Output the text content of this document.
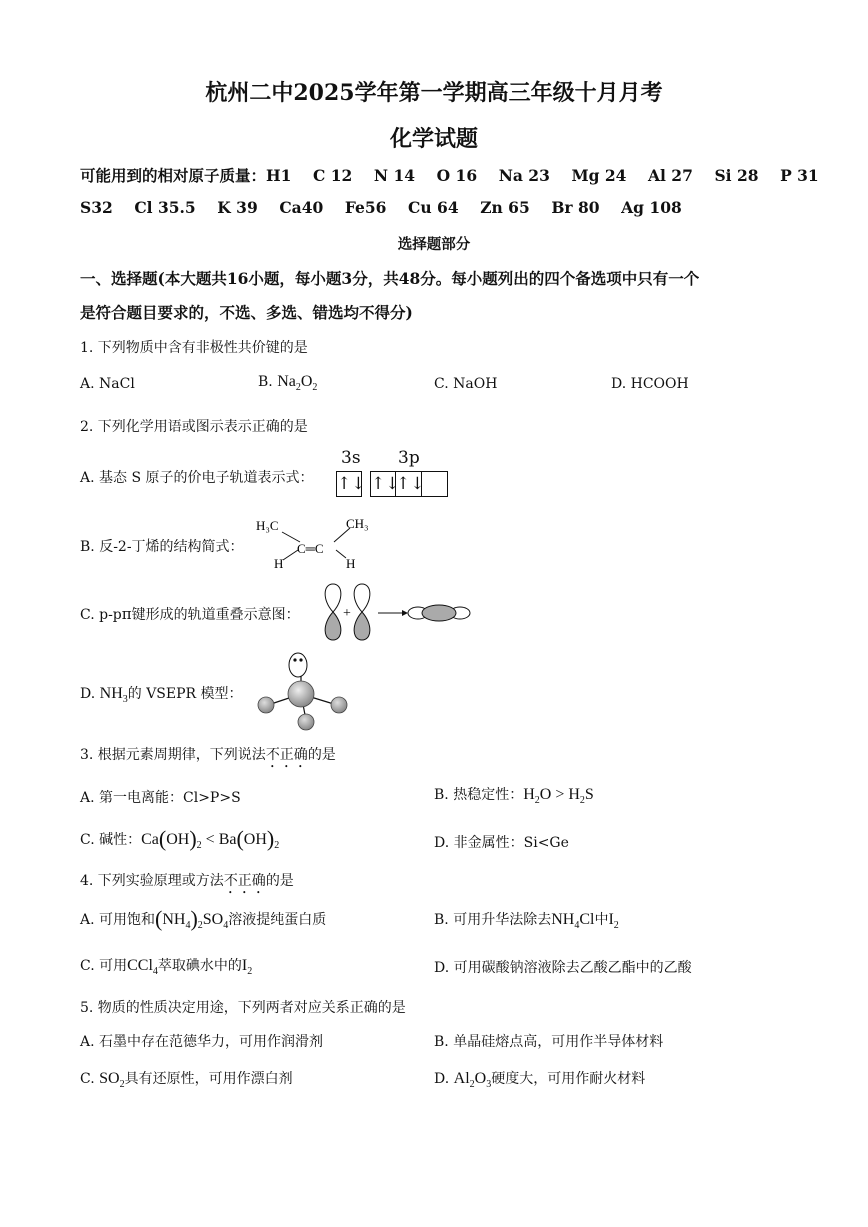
杭州二中2025学年第一学期高三年级十月月考
化学试题
可能用到的相对原子质量：H1    C 12    N 14    O 16    Na 23    Mg 24    Al 27    Si 28    P 31
S32    Cl 35.5    K 39    Ca40    Fe56    Cu 64    Zn 65    Br 80    Ag 108
选择题部分
一、选择题(本大题共16小题，每小题3分，共48分。每小题列出的四个备选项中只有一个
是符合题目要求的，不选、多选、错选均不得分)
1. 下列物质中含有非极性共价键的是
A. NaCl	B. $Na_2O_2$	C. NaOH	D. HCOOH
2. 下列化学用语或图示表示正确的是
A. 基态 S 原子的价电子轨道表示式：
3s 3p
↑↓ ↑↓
↑↓
B. 反-2-丁烯的结构简式：
H₃C
C═C
CH₃
H	H
C. p-pπ键形成的轨道重叠示意图：	+
D. $NH_3$的 VSEPR 模型：
3. 根据元素周期律，下列说法不正确的是
A. 第一电离能：Cl>P>S	B. 热稳定性：$H_2O > H_2S$
C. 碱性：$Ca(OH)_2 < Ba(OH)_2$	D. 非金属性：Si<Ge
4. 下列实验原理或方法不正确的是
A. 可用饱和$(NH_4)_2SO_4$溶液提纯蛋白质	B. 可用升华法除去$NH_4Cl$中$I_2$
C. 可用CCl$_4$萃取碘水中的$I_2$	D. 可用碳酸钠溶液除去乙酸乙酯中的乙酸
5. 物质的性质决定用途，下列两者对应关系正确的是
A. 石墨中存在范德华力，可用作润滑剂	B. 单晶硅熔点高，可用作半导体材料
C. $SO_2$具有还原性，可用作漂白剂	D. $Al_2O_3$硬度大，可用作耐火材料
